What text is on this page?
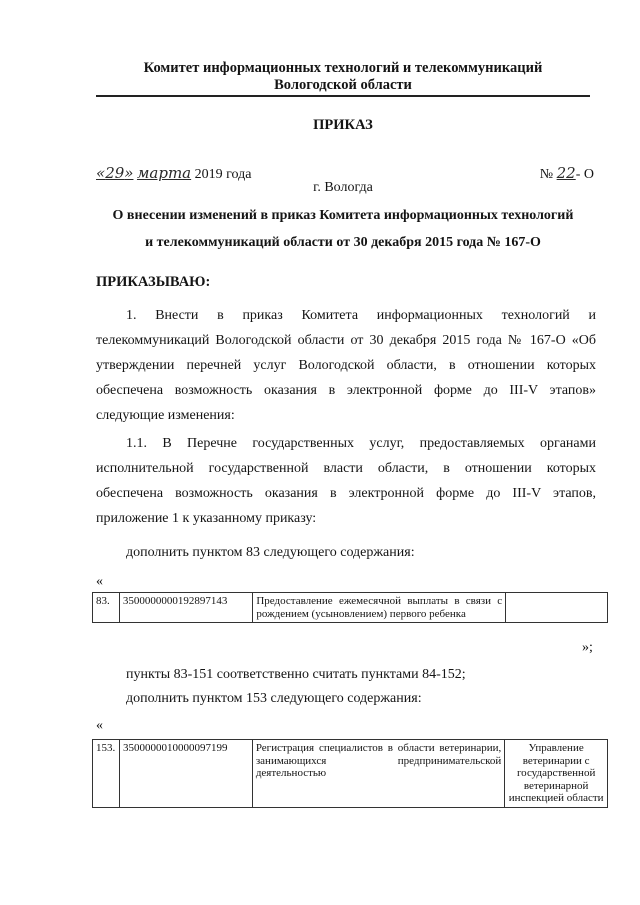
Комитет информационных технологий и телекоммуникаций
Вологодской области
ПРИКАЗ
«29» марта 2019 года	№ 22- О
г. Вологда
О внесении изменений в приказ Комитета информационных технологий
и телекоммуникаций области от 30 декабря 2015 года № 167-О
ПРИКАЗЫВАЮ:
1. Внести в приказ Комитета информационных технологий и телекоммуникаций Вологодской области от 30 декабря 2015 года № 167-О «Об утверждении перечней услуг Вологодской области, в отношении которых обеспечена возможность оказания в электронной форме до III-V этапов» следующие изменения:
1.1. В Перечне государственных услуг, предоставляемых органами исполнительной государственной власти области, в отношении которых обеспечена возможность оказания в электронной форме до III-V этапов, приложение 1 к указанному приказу:
дополнить пунктом 83 следующего содержания:
«
83.	3500000000192897143	Предоставление ежемесячной выплаты в связи с рождением (усыновлением) первого ребенка	
»;
пункты 83-151 соответственно считать пунктами 84-152;
дополнить пунктом 153 следующего содержания:
«
153.	3500000010000097199	Регистрация специалистов в области ветеринарии, занимающихся предпринимательской деятельностью	Управление ветеринарии с государственной ветеринарной инспекцией области
